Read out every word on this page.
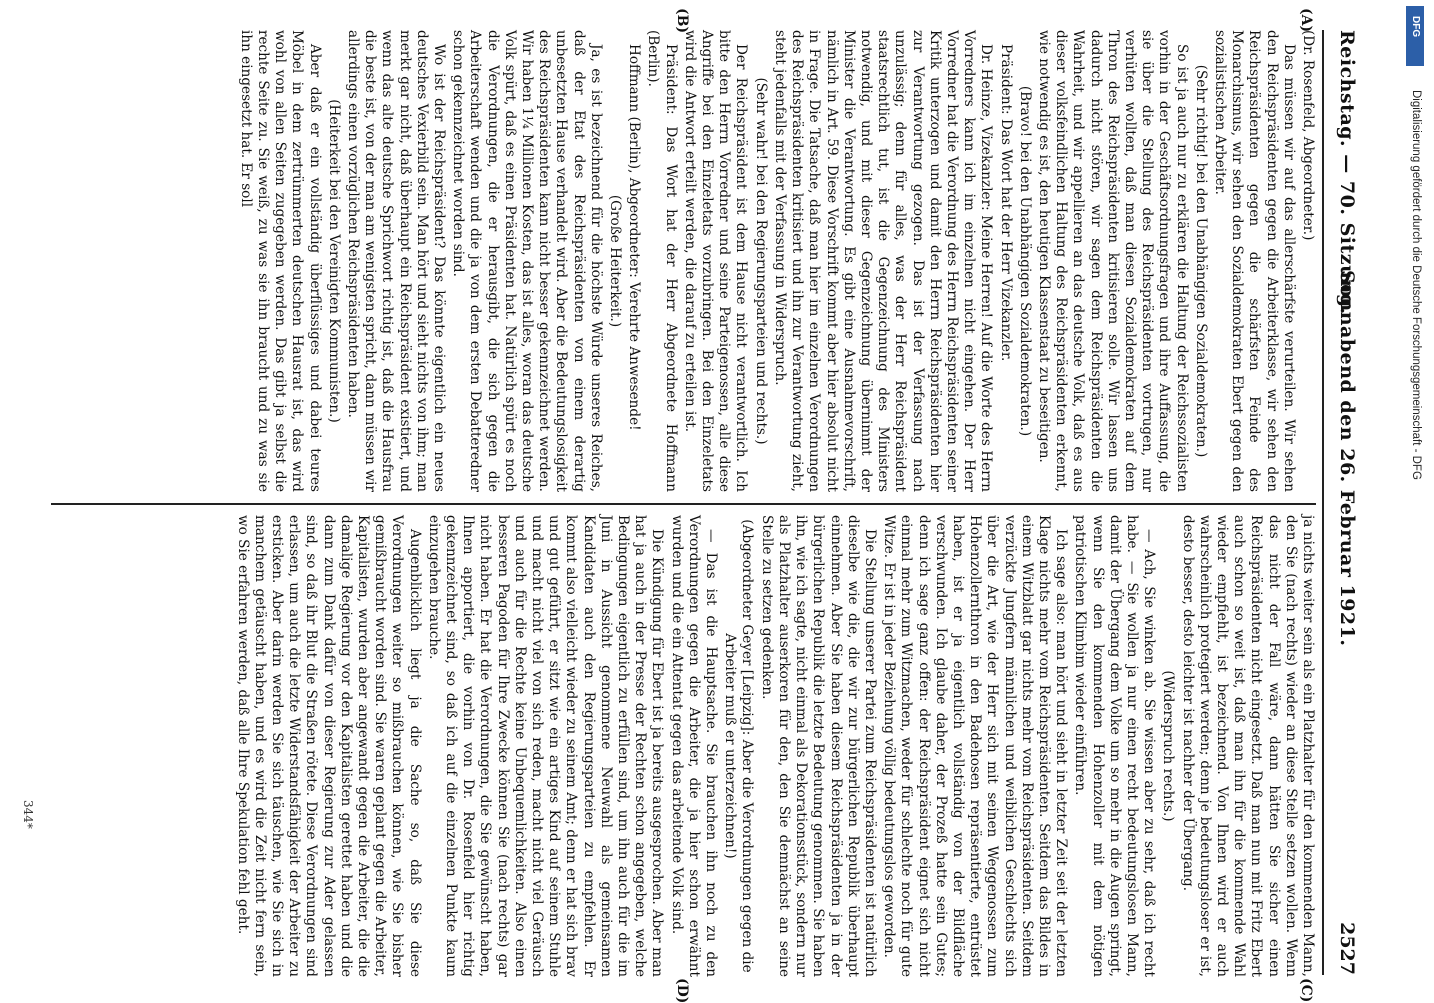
Reichstag. — 70. Sitzung.
Sonnabend den 26. Februar 1921.
2527

(Dr. Rosenfeld, Abgeordneter.)

Das müssen wir auf das allerschärfste verurteilen. Wir sehen den Reichspräsidenten gegen die Arbeiterklasse, wir sehen den Reichspräsidenten gegen die schärfsten Feinde des Monarchismus, wir sehen den Sozialdemokraten Ebert gegen den sozialistischen Arbeiter.

(Sehr richtig! bei den Unabhängigen Sozialdemokraten.)

So ist ja auch nur zu erklären die Haltung der Reichssozialisten vorhin in der Geschäftsordnungsfragen und ihre Auffassung, die sie über die Stellung des Reichspräsidenten vortrugen, nur verhüten wollten, daß man diesen Sozialdemokraten auf dem Thron des Reichspräsidenten kritisieren solle. Wir lassen uns dadurch nicht stören, wir sagen dem Reichspräsidenten die Wahrheit, und wir appellieren an das deutsche Volk, daß es aus dieser volksfeindlichen Haltung des Reichspräsidenten erkennt, wie notwendig es ist, den heutigen Klassenstaat zu beseitigen.

(Bravo! bei den Unabhängigen Sozialdemokraten.)

Präsident: Das Wort hat der Herr Vizekanzler.

Dr. Heinze, Vizekanzler: Meine Herren! Auf die Worte des Herrn Vorredners kann ich im einzelnen nicht eingehen. Der Herr Vorredner hat die Verordnung des Herrn Reichspräsidenten seiner Kritik unterzogen und damit den Herrn Reichspräsidenten hier zur Verantwortung gezogen. Das ist der Verfassung nach unzulässig; denn für alles, was der Herr Reichspräsident staatsrechtlich tut, ist die Gegenzeichnung des Ministers notwendig, und mit dieser Gegenzeichnung übernimmt der Minister die Verantwortung. Es gibt eine Ausnahmevorschrift, nämlich in Art. 59. Diese Vorschrift kommt aber hier absolut nicht in Frage. Die Tatsache, daß man hier im einzelnen Verordnungen des Reichspräsidenten kritisiert und ihn zur Verantwortung zieht, steht jedenfalls mit der Verfassung in Widerspruch.

(Sehr wahr! bei den Regierungsparteien und rechts.)

Der Reichspräsident ist dem Hause nicht verantwortlich. Ich bitte den Herrn Vorredner und seine Parteigenossen, alle diese Angriffe bei den Einzeletats vorzubringen. Bei den Einzeletats wird die Antwort erteilt werden, die darauf zu erteilen ist.

Präsident: Das Wort hat der Herr Abgeordnete Hoffmann (Berlin).

Hoffmann (Berlin), Abgeordneter: Verehrte Anwesende!

(Große Heiterkeit.)

Ja, es ist bezeichnend für die höchste Würde unseres Reiches, daß der Etat des Reichspräsidenten von einem derartig unbesetzten Hause verhandelt wird. Aber die Bedeutungslosigkeit des Reichspräsidenten kann nicht besser gekennzeichnet werden. Wir haben 1¼ Millionen Kosten, das ist alles, woran das deutsche Volk spürt, daß es einen Präsidenten hat. Natürlich spürt es noch die Verordnungen, die er herausgibt, die sich gegen die Arbeiterschaft wenden und die ja von dem ersten Debatteredner schon gekennzeichnet worden sind.

Wo ist der Reichspräsident? Das könnte eigentlich ein neues deutsches Vexierbild sein. Man hört und sieht nichts von ihm; man merkt gar nicht, daß überhaupt ein Reichspräsident existiert, und wenn das alte deutsche Sprichwort richtig ist, daß die Hausfrau die beste ist, von der man am wenigsten spricht, dann müssen wir allerdings einen vorzüglichen Reichspräsidenten haben.

(Heiterkeit bei den Vereinigten Kommunisten.)

Aber daß er ein vollständig überflüssiges und dabei teures Möbel in dem zertrümmerten deutschen Hausrat ist, das wird wohl von allen Seiten zugegeben werden. Das gibt ja selbst die rechte Seite zu. Sie weiß, zu was sie ihn braucht und zu was sie ihn eingesetzt hat. Er soll

ja nichts weiter sein als ein Platzhalter für den kommenden Mann, den Sie (nach rechts) wieder an diese Stelle setzen wollen. Wenn das nicht der Fall wäre, dann hätten Sie sicher einen Reichspräsidenten nicht eingesetzt. Daß man nun mit Fritz Ebert auch schon so weit ist, daß man ihn für die kommende Wahl wieder empfiehlt, ist bezeichnend. Von Ihnen wird er auch wahrscheinlich protegiert werden; denn je bedeutungsloser er ist, desto besser, desto leichter ist nachher der Übergang.

(Widerspruch rechts.)

— Ach, Sie winken ab. Sie wissen aber zu sehr, daß ich recht habe. — Sie wollen ja nur einen recht bedeutungslosen Mann, damit der Übergang dem Volke um so mehr in die Augen springt, wenn Sie den kommenden Hohenzoller mit dem nötigen patriotischen Klimbim wieder einführen.

Ich sage also: man hört und sieht in letzter Zeit seit der letzten Klage nichts mehr vom Reichspräsidenten. Seitdem das Bildes in einem Witzblatt gar nichts mehr vom Reichspräsidenten. Seitdem verzückte Jungfern männlichen und weiblichen Geschlechts sich über die Art, wie der Herr sich mit seinen Weggenossen zum Hohenzollernthron in den Badehosen repräsentierte, entrüstet haben, ist er ja eigentlich vollständig von der Bildfläche verschwunden. Ich glaube daher, der Prozeß hatte sein Gutes; denn ich sage ganz offen: der Reichspräsident eignet sich nicht einmal mehr zum Witzmachen, weder für schlechte noch für gute Witze. Er ist in jeder Beziehung völlig bedeutungslos geworden.

Die Stellung unserer Partei zum Reichspräsidenten ist natürlich dieselbe wie die, die wir zur bürgerlichen Republik überhaupt einnehmen. Aber Sie haben diesem Reichspräsidenten ja in der bürgerlichen Republik die letzte Bedeutung genommen. Sie haben ihn, wie ich sagte, nicht einmal als Dekorationsstück, sondern nur als Platzhalter auserkoren für den, den Sie demnächst an seine Stelle zu setzen gedenken.

(Abgeordneter Geyer [Leipzig]: Aber die Verordnungen gegen die Arbeiter muß er unterzeichnen!)

— Das ist die Hauptsache. Sie brauchen ihn noch zu den Verordnungen gegen die Arbeiter, die ja hier schon erwähnt wurden und die ein Attentat gegen das arbeitende Volk sind.

Die Kündigung für Ebert ist ja bereits ausgesprochen. Aber man hat ja auch in der Presse der Rechten schon angegeben, welche Bedingungen eigentlich zu erfüllen sind, um ihn auch für die im Juni in Aussicht genommene Neuwahl als gemeinsamen Kandidaten auch den Regierungsparteien zu empfehlen. Er kommt also vielleicht wieder zu seinem Amt; denn er hat sich brav und gut geführt, er sitzt wie ein artiges Kind auf seinem Stuhle und macht nicht viel von sich reden, macht nicht viel Geräusch und auch für die Rechte keine Unbequemlichkeiten. Also einen besseren Pagoden für Ihre Zwecke können Sie (nach rechts) gar nicht haben. Er hat die Verordnungen, die Sie gewünscht haben, Ihnen apportiert, die vorhin von Dr. Rosenfeld hier richtig gekennzeichnet sind, so daß ich auf die einzelnen Punkte kaum einzugehen brauche.

Augenblicklich liegt ja die Sache so, daß Sie diese Verordnungen weiter so mißbrauchen können, wie Sie bisher gemißbraucht worden sind. Sie waren geplant gegen die Arbeiter, Kapitalisten, wurden aber angewandt gegen die Arbeiter, die die damalige Regierung vor den Kapitalisten gerettet haben und die dann zum Dank dafür von dieser Regierung zur Ader gelassen sind, so daß ihr Blut die Straßen rötete. Diese Verordnungen sind erlassen, um auch die letzte Widerstandsfähigkeit der Arbeiter zu ersticken. Aber darin werden Sie sich täuschen, wie Sie sich in manchem getäuscht haben, und es wird die Zeit nicht fern sein, wo Sie erfahren werden, daß alle Ihre Spekulation fehl geht.

(A)
(B)
(C)
(D)
344*
Digitalisierung gefördert durch die Deutsche Forschungsgemeinschaft - DFG
DFG
